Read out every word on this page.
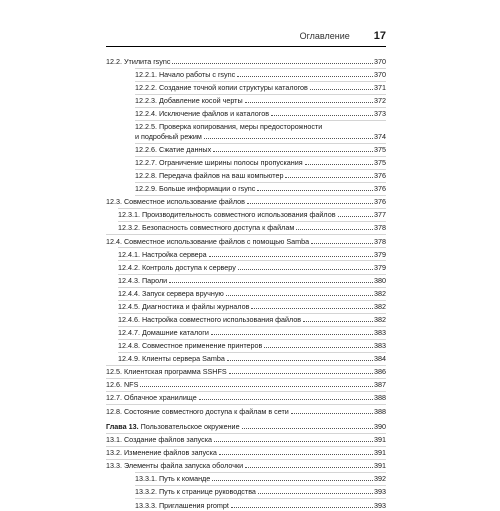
Оглавление 17
12.2. Утилита rsync	370
12.2.1. Начало работы с rsync	370
12.2.2. Создание точной копии структуры каталогов	371
12.2.3. Добавление косой черты	372
12.2.4. Исключение файлов и каталогов	373
12.2.5. Проверка копирования, меры предосторожности
и подробный режим	374
12.2.6. Сжатие данных	375
12.2.7. Ограничение ширины полосы пропускания	375
12.2.8. Передача файлов на ваш компьютер	376
12.2.9. Больше информации о rsync	376
12.3. Совместное использование файлов	376
12.3.1. Производительность совместного использования файлов	377
12.3.2. Безопасность совместного доступа к файлам	378
12.4. Совместное использование файлов с помощью Samba	378
12.4.1. Настройка сервера	379
12.4.2. Контроль доступа к серверу	379
12.4.3. Пароли	380
12.4.4. Запуск сервера вручную	382
12.4.5. Диагностика и файлы журналов	382
12.4.6. Настройка совместного использования файлов	382
12.4.7. Домашние каталоги	383
12.4.8. Совместное применение принтеров	383
12.4.9. Клиенты сервера Samba	384
12.5. Клиентская программа SSHFS	386
12.6. NFS	387
12.7. Облачное хранилище	388
12.8. Состояние совместного доступа к файлам в сети	388
Глава 13. Пользовательское окружение	390
13.1. Создание файлов запуска	391
13.2. Изменение файлов запуска	391
13.3. Элементы файла запуска оболочки	391
13.3.1. Путь к команде	392
13.3.2. Путь к странице руководства	393
13.3.3. Приглашения prompt	393
